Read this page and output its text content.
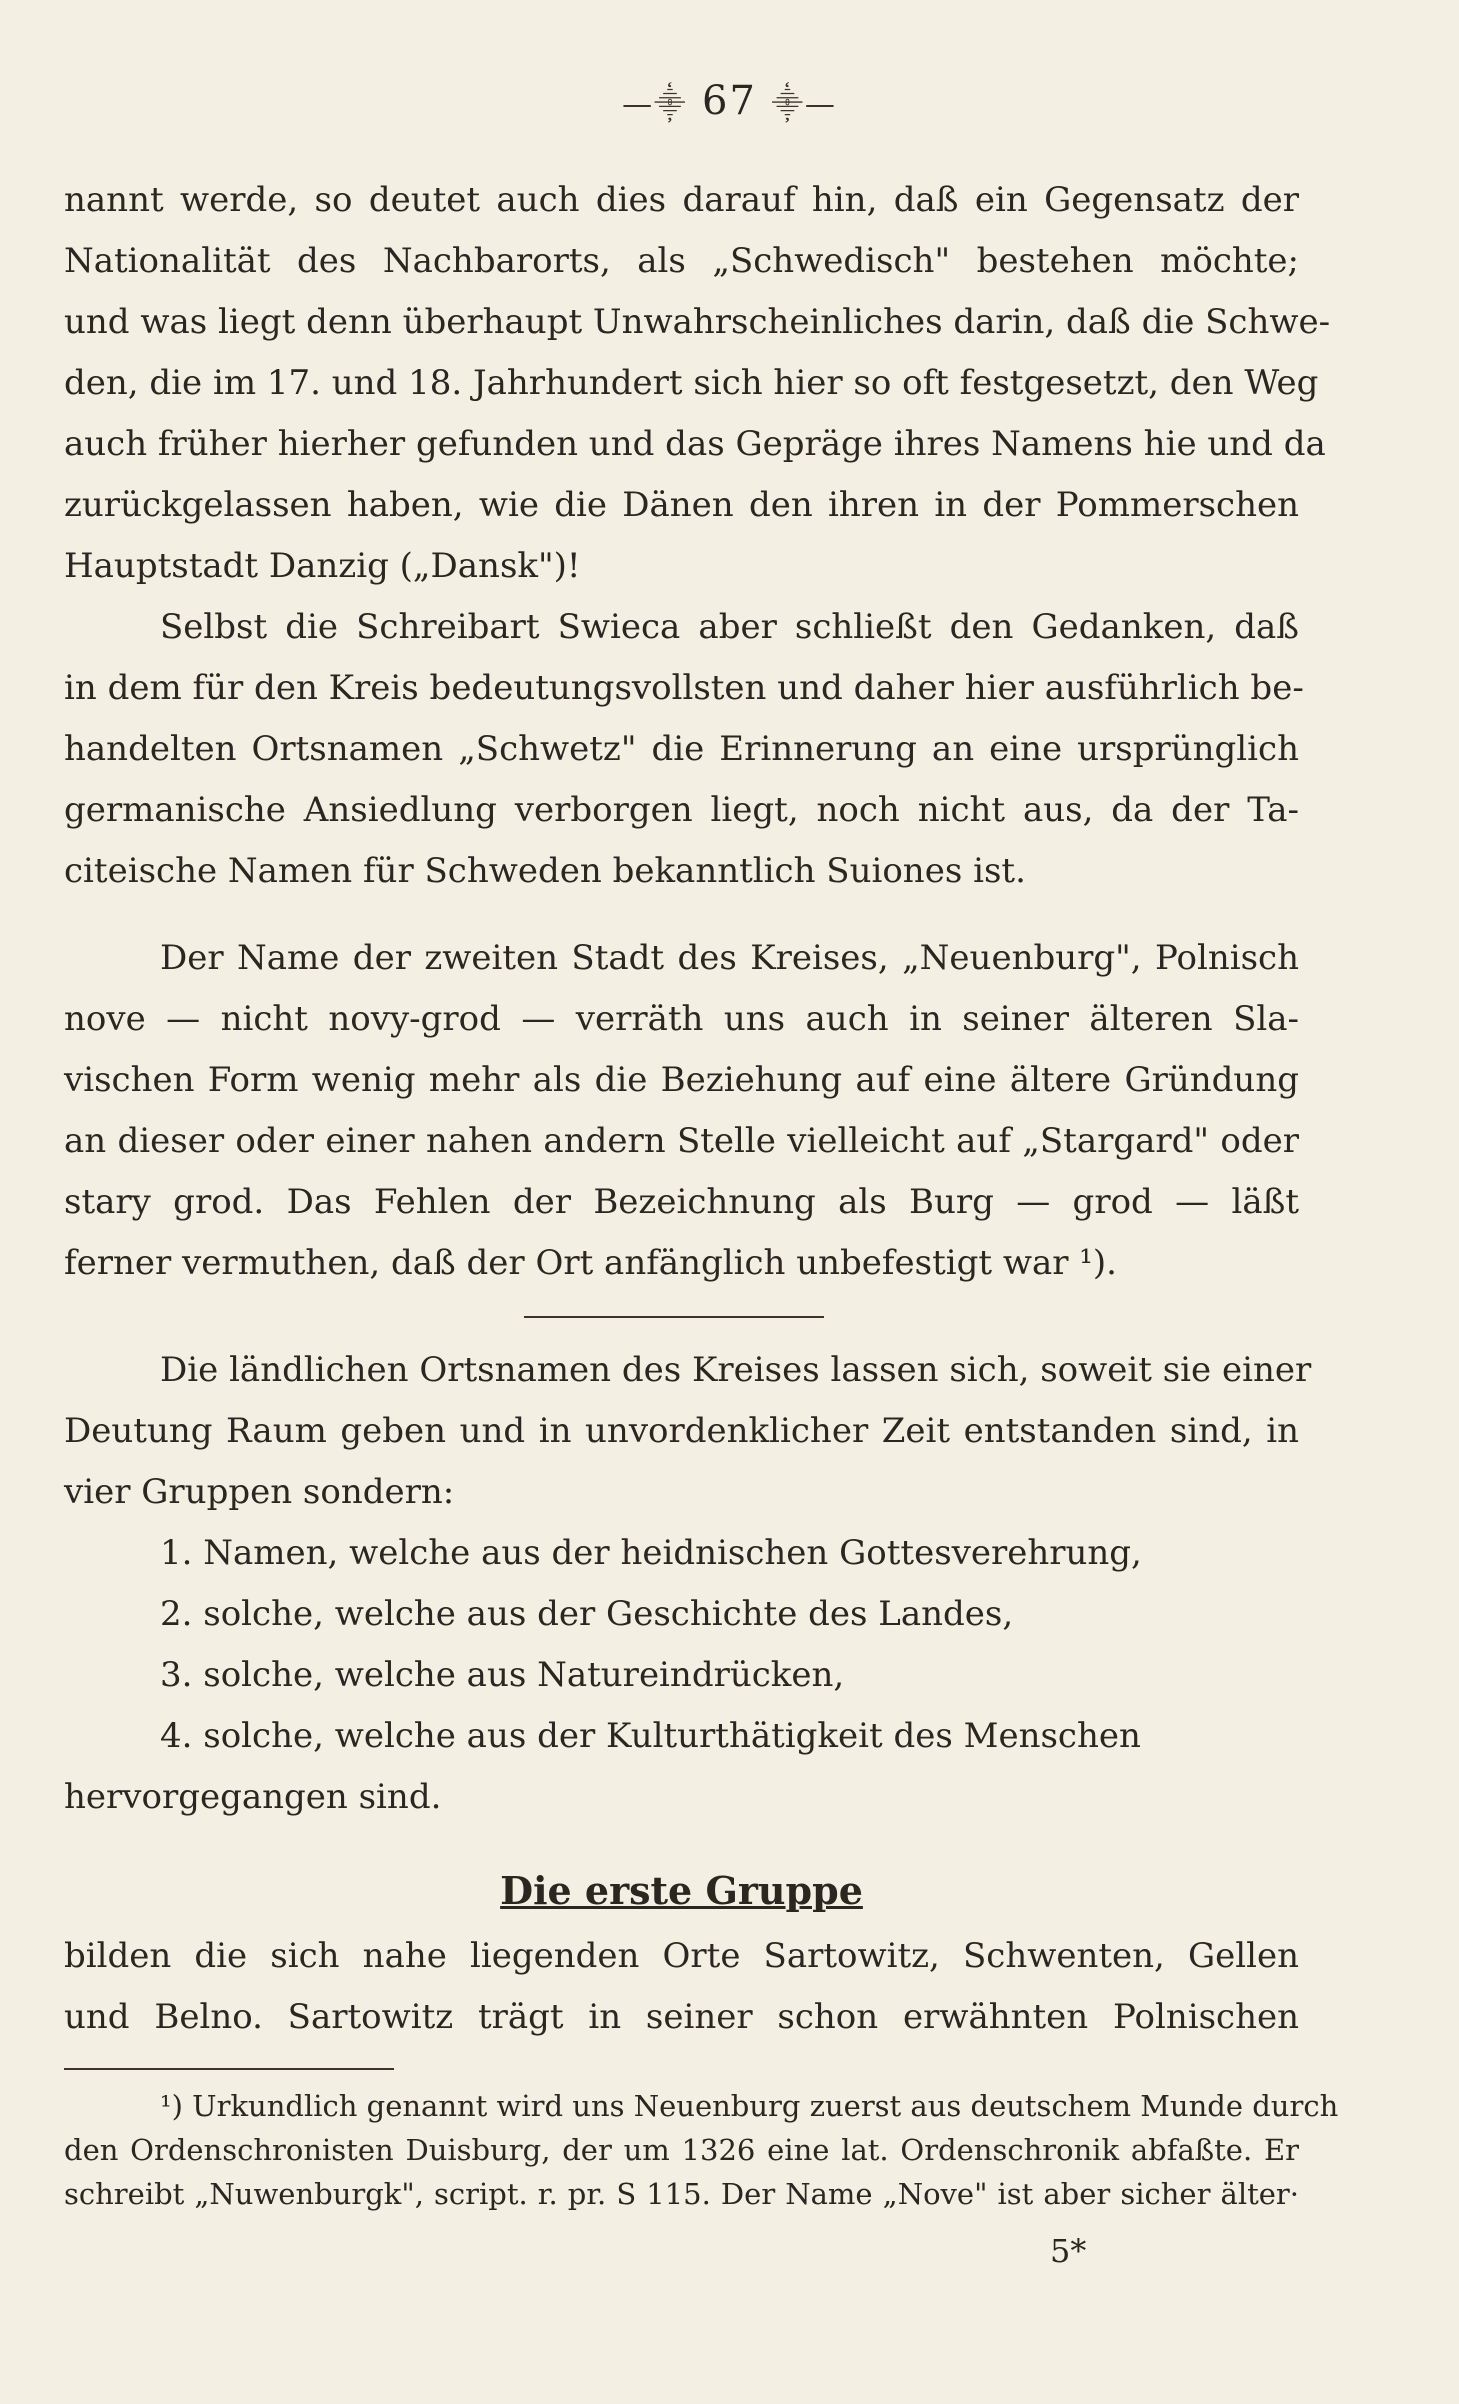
—⸎ 67 ⸎—
nannt werde, so deutet auch dies darauf hin, daß ein Gegensatz der
Nationalität des Nachbarorts, als „Schwedisch" bestehen möchte;
und was liegt denn überhaupt Unwahrscheinliches darin, daß die Schwe-
den, die im 17. und 18. Jahrhundert sich hier so oft festgesetzt, den Weg
auch früher hierher gefunden und das Gepräge ihres Namens hie und da
zurückgelassen haben, wie die Dänen den ihren in der Pommerschen
Hauptstadt Danzig („Dansk")!
Selbst die Schreibart Swieca aber schließt den Gedanken, daß
in dem für den Kreis bedeutungsvollsten und daher hier ausführlich be-
handelten Ortsnamen „Schwetz" die Erinnerung an eine ursprünglich
germanische Ansiedlung verborgen liegt, noch nicht aus, da der Ta-
citeische Namen für Schweden bekanntlich Suiones ist.
Der Name der zweiten Stadt des Kreises, „Neuenburg", Polnisch
nove — nicht novy-grod — verräth uns auch in seiner älteren Sla-
vischen Form wenig mehr als die Beziehung auf eine ältere Gründung
an dieser oder einer nahen andern Stelle vielleicht auf „Stargard" oder
stary grod. Das Fehlen der Bezeichnung als Burg — grod — läßt
ferner vermuthen, daß der Ort anfänglich unbefestigt war ¹).
Die ländlichen Ortsnamen des Kreises lassen sich, soweit sie einer
Deutung Raum geben und in unvordenklicher Zeit entstanden sind, in
vier Gruppen sondern:
1. Namen, welche aus der heidnischen Gottesverehrung,
2. solche, welche aus der Geschichte des Landes,
3. solche, welche aus Natureindrücken,
4. solche, welche aus der Kulturthätigkeit des Menschen
hervorgegangen sind.
Die erste Gruppe
bilden die sich nahe liegenden Orte Sartowitz, Schwenten, Gellen
und Belno. Sartowitz trägt in seiner schon erwähnten Polnischen
¹) Urkundlich genannt wird uns Neuenburg zuerst aus deutschem Munde durch
den Ordenschronisten Duisburg, der um 1326 eine lat. Ordenschronik abfaßte. Er
schreibt „Nuwenburgk", script. r. pr. S 115. Der Name „Nove" ist aber sicher älter·
5*
